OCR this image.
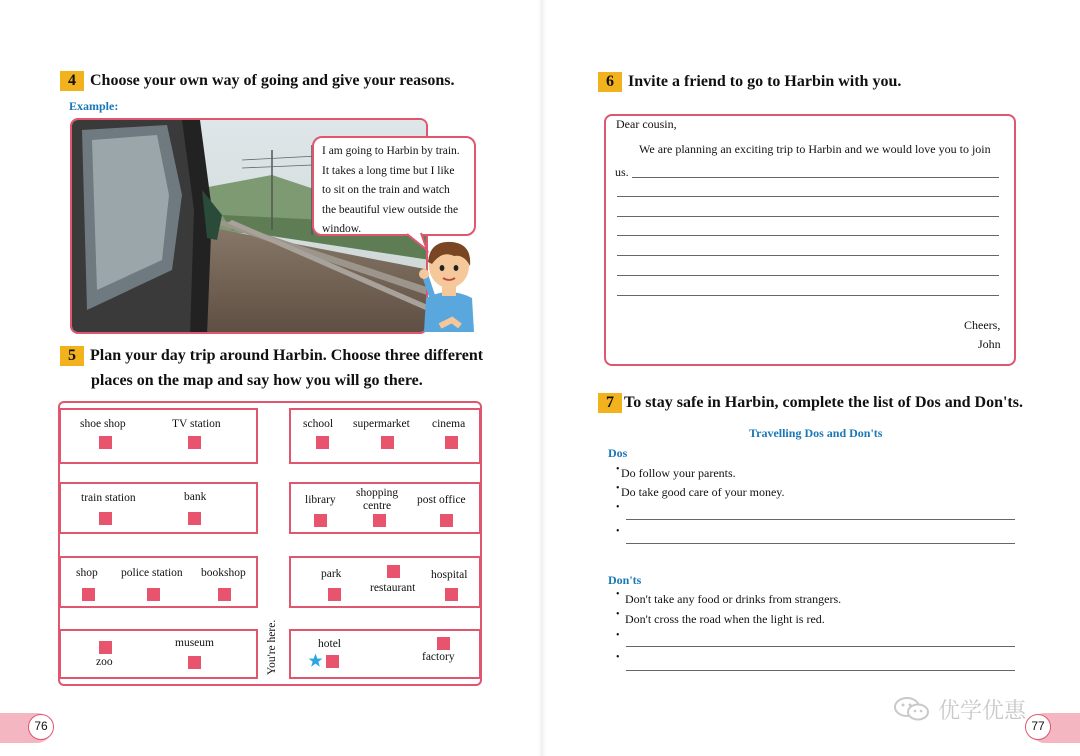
4 Choose your own way of going and give your reasons.
Example:
I am going to Harbin by train.
It takes a long time but I like
to sit on the train and watch
the beautiful view outside the
window.
5 Plan your day trip around Harbin. Choose three different
places on the map and say how you will go there.
shoe shop	TV station
train station	bank
shop police station bookshop
zoo
museum
school supermarket cinema
library
shopping
centre	post office
park
restaurant
hospital
hotel
factory
You're here.
76
6 Invite a friend to go to Harbin with you.
Dear cousin,
We are planning an exciting trip to Harbin and we would love you to join
us.
Cheers,
John
7 To stay safe in Harbin, complete the list of Dos and Don'ts.
Travelling Dos and Don'ts
Dos
• Do follow your parents.
• Do take good care of your money.
•
•
Don'ts
• Don't take any food or drinks from strangers.
• Don't cross the road when the light is red.
•
•
优学优惠
77
